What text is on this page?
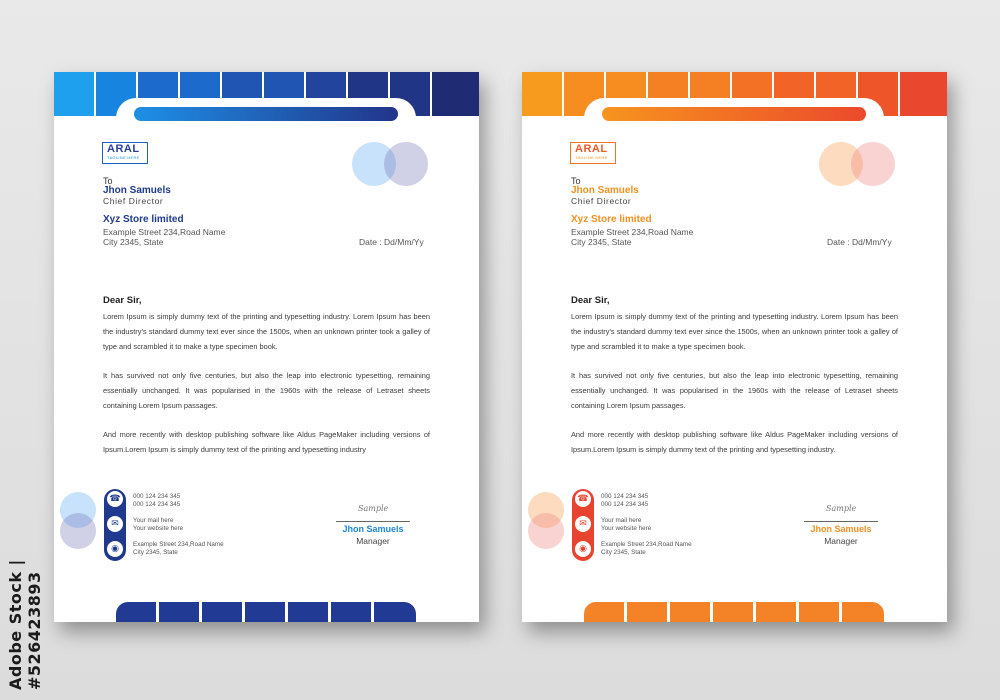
Adobe Stock | #526423893
ARAL
TAGLINE HERE
To
Jhon Samuels
Chief Director
Xyz Store limited
Example Street 234,Road Name
City 2345, State	Date : Dd/Mm/Yy
Dear Sir,

Lorem Ipsum is simply dummy text of the printing and typesetting industry. Lorem Ipsum has been the industry's standard dummy text ever since the 1500s, when an unknown printer took a galley of type and scrambled it to make a type specimen book.

It has survived not only five centuries, but also the leap into electronic typesetting, remaining essentially unchanged. It was popularised in the 1960s with the release of Letraset sheets containing Lorem Ipsum passages.

And more recently with desktop publishing software like Aldus PageMaker including versions of Ipsum.Lorem Ipsum is simply dummy text of the printing and typesetting industry

☎
✉
◉
000 124 234 345
000 124 234 345
Your mail here
Your website here
Example Street 234,Road Name
City 2345, State
Sample
Jhon Samuels
Manager
ARAL
TAGLINE HERE
To
Jhon Samuels
Chief Director
Xyz Store limited
Example Street 234,Road Name
City 2345, State	Date : Dd/Mm/Yy
Dear Sir,

Lorem Ipsum is simply dummy text of the printing and typesetting industry. Lorem Ipsum has been the industry's standard dummy text ever since the 1500s, when an unknown printer took a galley of type and scrambled it to make a type specimen book.

It has survived not only five centuries, but also the leap into electronic typesetting, remaining essentially unchanged. It was popularised in the 1960s with the release of Letraset sheets containing Lorem Ipsum passages.

And more recently with desktop publishing software like Aldus PageMaker including versions of Ipsum.Lorem Ipsum is simply dummy text of the printing and typesetting industry.

☎
✉
◉
000 124 234 345
000 124 234 345
Your mail here
Your website here
Example Street 234,Road Name
City 2345, State
Sample
Jhon Samuels
Manager
